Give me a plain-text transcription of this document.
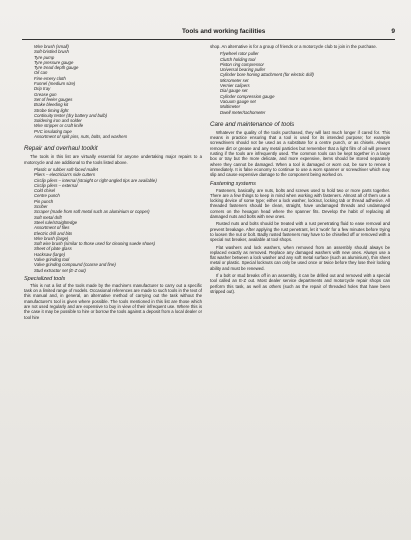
Tools and working facilities	9
Wire brush (small)
Soft-bristled brush
Tyre pump
Tyre pressure gauge
Tyre tread depth gauge
Oil can
Fine emery cloth
Funnel (medium size)
Drip tray
Grease gun
Set of feeler gauges
Brake bleeding kit
Strobe timing light
Continuity tester (dry battery and bulb)
Soldering iron and solder
Wire stripper or craft knife
PVC insulating tape
Assortment of split pins, nuts, bolts, and washers
Repair and overhaul toolkit

The tools in this list are virtually essential for anyone undertaking major repairs to a motorcycle and are additional to the tools listed above.

Plastic or rubber soft-faced mallet
Pliers – electrician's side cutters
Circlip pliers – internal (straight or right-angled tips are available)
Circlip pliers – external
Cold chisel
Centre punch
Pin punch
Scriber
Scraper (made from soft metal such as aluminium or copper)
Soft metal drift
Steel rule/straightedge
Assortment of files
Electric drill and bits
Wire brush (large)
Soft wire brush (similar to those used for cleaning suede shoes)
Sheet of plate glass
Hacksaw (large)
Valve grinding tool
Valve grinding compound (coarse and fine)
Stud extractor set (E-Z out)
Specialized tools

This is not a list of the tools made by the machine's manufacturer to carry out a specific task on a limited range of models. Occasional references are made to such tools in the text of this manual and, in general, an alternative method of carrying out the task without the manufacturer's tool is given where possible. The tools mentioned in this list are those which are not used regularly and are expensive to buy in view of their infrequent use. Where this is the case it may be possible to hire or borrow the tools against a deposit from a local dealer or tool hire

shop. An alternative is for a group of friends or a motorcycle club to join in the purchase.

Flywheel rotor puller
Clutch holding tool
Piston ring compressor
Universal bearing puller
Cylinder bore honing attachment (for electric drill)
Micrometer set
Vernier calipers
Dial gauge set
Cylinder compression gauge
Vacuum gauge set
Multimeter
Dwell meter/tachometer
Care and maintenance of tools

Whatever the quality of the tools purchased, they will last much longer if cared for. This means in practice ensuring that a tool is used for its intended purpose; for example screwdrivers should not be used as a substitute for a centre punch, or as chisels. Always remove dirt or grease and any metal particles but remember that a light film of oil will prevent rusting if the tools are infrequently used. The common tools can be kept together in a large box or tray but the more delicate, and more expensive, items should be stored separately where they cannot be damaged. When a tool is damaged or worn out, be sure to renew it immediately. It is false economy to continue to use a worn spanner or screwdriver which may slip and cause expensive damage to the component being worked on.

Fastening systems

Fasteners, basically, are nuts, bolts and screws used to hold two or more parts together. There are a few things to keep in mind when working with fasteners. Almost all of them use a locking device of some type; either a lock washer, locknut, locking tab or thread adhesive. All threaded fasteners should be clean, straight, have undamaged threads and undamaged corners on the hexagon head where the spanner fits. Develop the habit of replacing all damaged nuts and bolts with new ones.

Rusted nuts and bolts should be treated with a rust penetrating fluid to ease removal and prevent breakage. After applying the rust penetrant, let it 'work' for a few minutes before trying to loosen the nut or bolt. Badly rusted fasteners may have to be chiselled off or removed with a special nut breaker, available at tool shops.

Flat washers and lock washers, when removed from an assembly should always be replaced exactly as removed. Replace any damaged washers with new ones. Always use a flat washer between a lock washer and any soft metal surface (such as aluminium), thin sheet metal or plastic. Special locknuts can only be used once or twice before they lose their locking ability and must be renewed.

If a bolt or stud breaks off in an assembly, it can be drilled out and removed with a special tool called an E-Z out. Most dealer service departments and motorcycle repair shops can perform this task, as well as others (such as the repair of threaded holes that have been stripped out).
